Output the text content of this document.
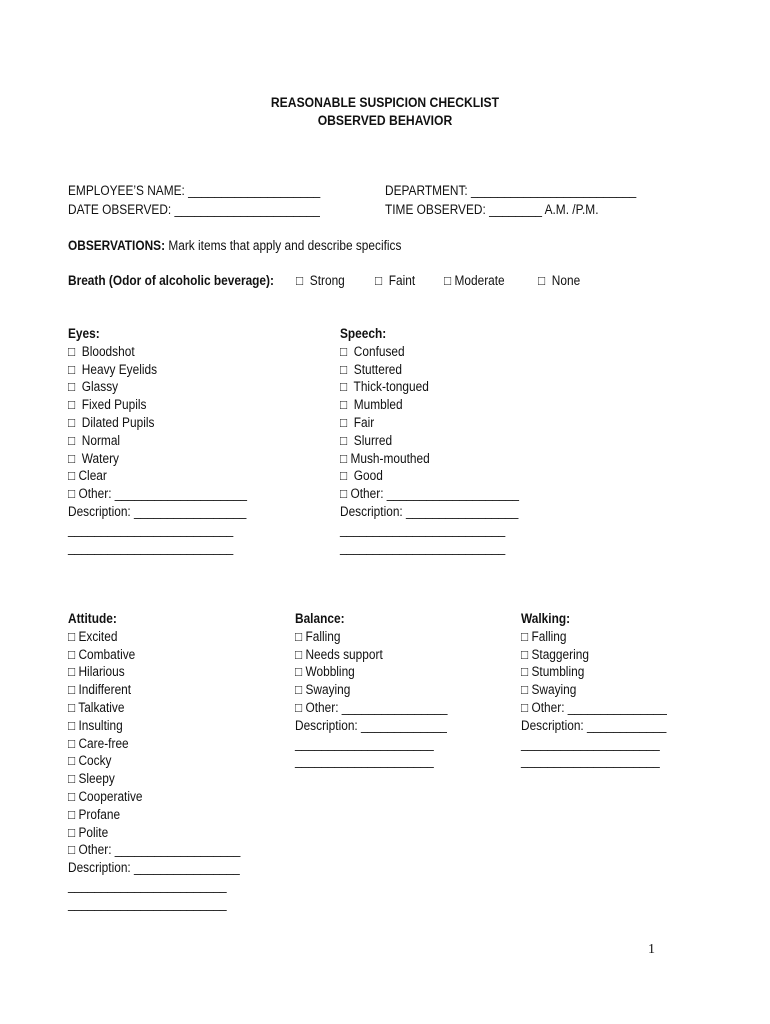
REASONABLE SUSPICION CHECKLIST
OBSERVED BEHAVIOR
EMPLOYEE’S NAME: ____________________
DATE OBSERVED: ______________________
DEPARTMENT: _________________________
TIME OBSERVED: ________ A.M. /P.M.
OBSERVATIONS: Mark items that apply and describe specifics
Breath (Odor of alcoholic beverage): □  Strong □  Faint □ Moderate □  None
Eyes:
□  Bloodshot
□  Heavy Eyelids
□  Glassy
□  Fixed Pupils
□  Dilated Pupils
□  Normal
□  Watery
□ Clear
□ Other: ____________________
Description: _________________
_________________________
_________________________
Speech:
□  Confused
□  Stuttered
□  Thick-tongued
□  Mumbled
□  Fair
□  Slurred
□ Mush-mouthed
□  Good
□ Other: ____________________
Description: _________________
_________________________
_________________________
Attitude:
□ Excited
□ Combative
□ Hilarious
□ Indifferent
□ Talkative
□ Insulting
□ Care-free
□ Cocky
□ Sleepy
□ Cooperative
□ Profane
□ Polite
□ Other: ___________________
Description: ________________
________________________
________________________
Balance:
□ Falling
□ Needs support
□ Wobbling
□ Swaying
□ Other: ________________
Description: _____________
_____________________
_____________________
Walking:
□ Falling
□ Staggering
□ Stumbling
□ Swaying
□ Other: _______________
Description: ____________
_____________________
_____________________
1
